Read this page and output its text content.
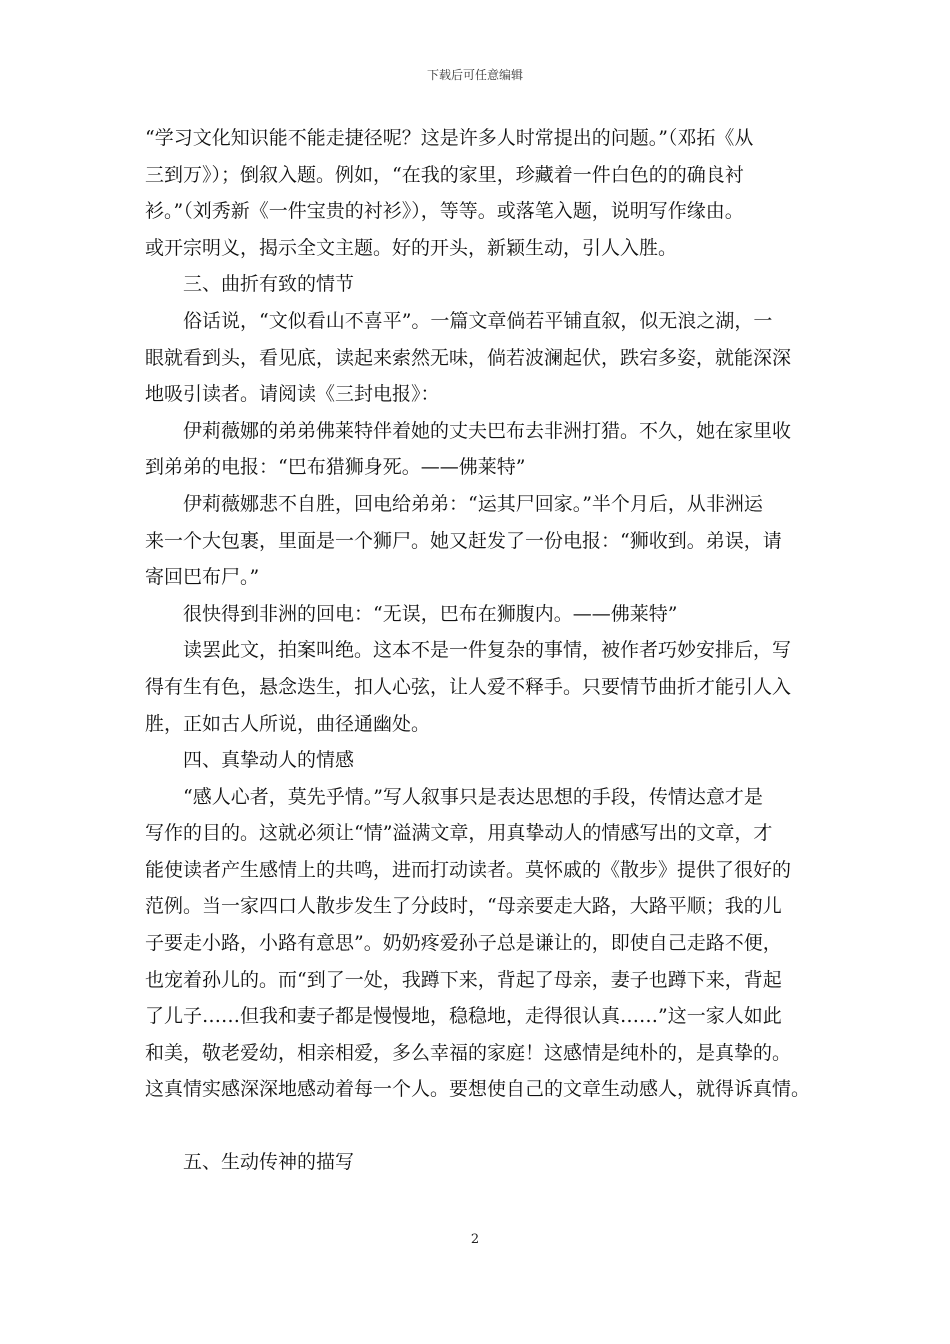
下载后可任意编辑
“学习文化知识能不能走捷径呢？这是许多人时常提出的问题。”（邓拓《从
三到万》）；倒叙入题。例如，“在我的家里，珍藏着一件白色的的确良衬
衫。”（刘秀新《一件宝贵的衬衫》），等等。或落笔入题，说明写作缘由。
或开宗明义，揭示全文主题。好的开头，新颖生动，引人入胜。
三、曲折有致的情节
俗话说，“文似看山不喜平”。一篇文章倘若平铺直叙，似无浪之湖，一
眼就看到头，看见底，读起来索然无味，倘若波澜起伏，跌宕多姿，就能深深
地吸引读者。请阅读《三封电报》：
伊莉薇娜的弟弟佛莱特伴着她的丈夫巴布去非洲打猎。不久，她在家里收
到弟弟的电报：“巴布猎狮身死。——佛莱特”
伊莉薇娜悲不自胜，回电给弟弟：“运其尸回家。”半个月后，从非洲运
来一个大包裹，里面是一个狮尸。她又赶发了一份电报：“狮收到。弟误，请
寄回巴布尸。”
很快得到非洲的回电：“无误，巴布在狮腹内。——佛莱特”
读罢此文，拍案叫绝。这本不是一件复杂的事情，被作者巧妙安排后，写
得有生有色，悬念迭生，扣人心弦，让人爱不释手。只要情节曲折才能引人入
胜，正如古人所说，曲径通幽处。
四、真挚动人的情感
“感人心者，莫先乎情。”写人叙事只是表达思想的手段，传情达意才是
写作的目的。这就必须让“情”溢满文章，用真挚动人的情感写出的文章，才
能使读者产生感情上的共鸣，进而打动读者。莫怀戚的《散步》提供了很好的
范例。当一家四口人散步发生了分歧时，“母亲要走大路，大路平顺；我的儿
子要走小路，小路有意思”。奶奶疼爱孙子总是谦让的，即使自己走路不便，
也宠着孙儿的。而“到了一处，我蹲下来，背起了母亲，妻子也蹲下来，背起
了儿子……但我和妻子都是慢慢地，稳稳地，走得很认真……”这一家人如此
和美，敬老爱幼，相亲相爱，多么幸福的家庭！这感情是纯朴的，是真挚的。
这真情实感深深地感动着每一个人。要想使自己的文章生动感人，就得诉真情。
五、生动传神的描写
2
